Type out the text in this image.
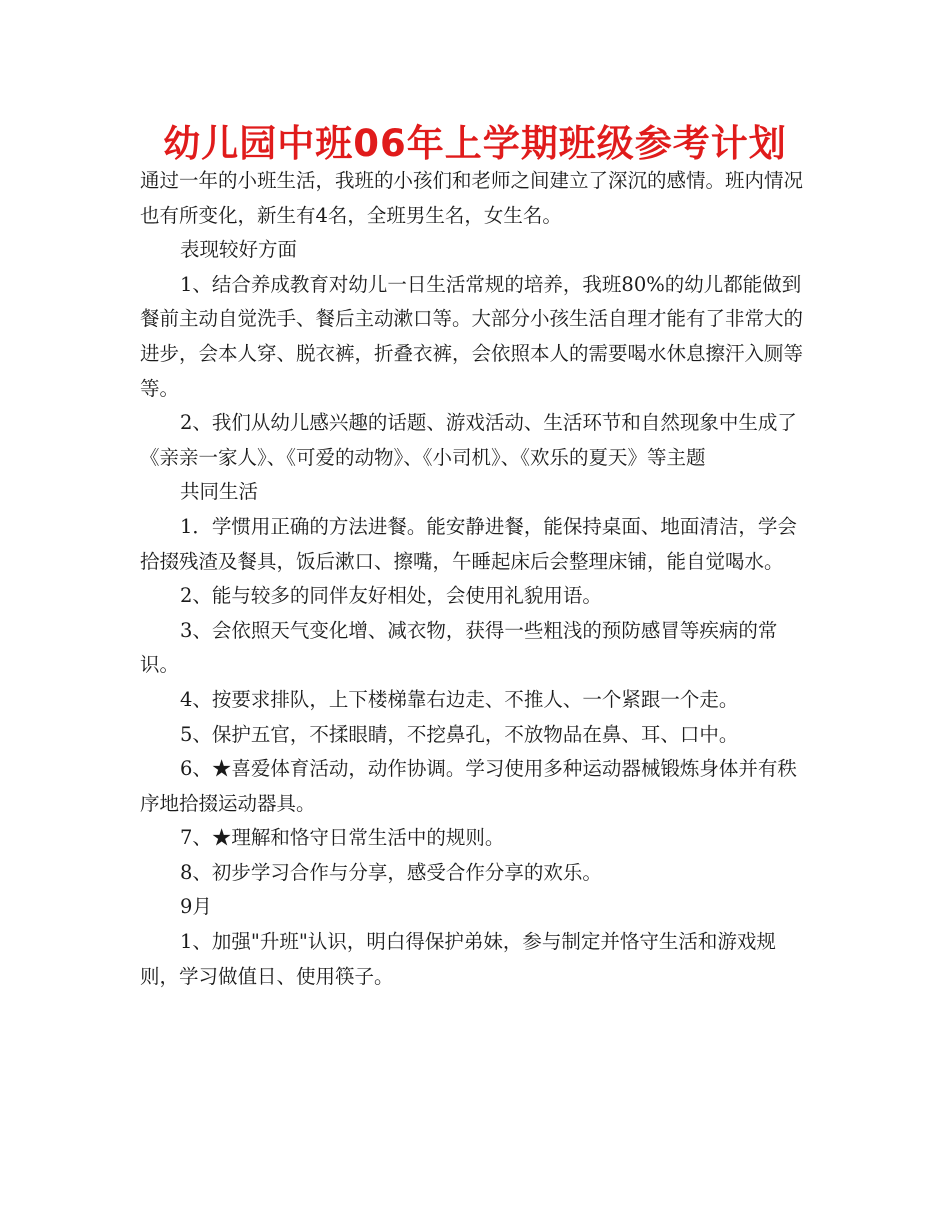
幼儿园中班06年上学期班级参考计划

通过一年的小班生活，我班的小孩们和老师之间建立了深沉的感情。班内情况也有所变化，新生有4名，全班男生名，女生名。

表现较好方面

1、结合养成教育对幼儿一日生活常规的培养，我班80%的幼儿都能做到餐前主动自觉洗手、餐后主动漱口等。大部分小孩生活自理才能有了非常大的进步，会本人穿、脱衣裤，折叠衣裤，会依照本人的需要喝水休息擦汗入厕等等。

2、我们从幼儿感兴趣的话题、游戏活动、生活环节和自然现象中生成了《亲亲一家人》、《可爱的动物》、《小司机》、《欢乐的夏天》等主题

共同生活

1．学惯用正确的方法进餐。能安静进餐，能保持桌面、地面清洁，学会拾掇残渣及餐具，饭后漱口、擦嘴，午睡起床后会整理床铺，能自觉喝水。

2、能与较多的同伴友好相处，会使用礼貌用语。

3、会依照天气变化增、减衣物，获得一些粗浅的预防感冒等疾病的常识。

4、按要求排队，上下楼梯靠右边走、不推人、一个紧跟一个走。

5、保护五官，不揉眼睛，不挖鼻孔，不放物品在鼻、耳、口中。

6、★喜爱体育活动，动作协调。学习使用多种运动器械锻炼身体并有秩序地拾掇运动器具。

7、★理解和恪守日常生活中的规则。

8、初步学习合作与分享，感受合作分享的欢乐。

9月

1、加强"升班"认识，明白得保护弟妹，参与制定并恪守生活和游戏规则，学习做值日、使用筷子。
